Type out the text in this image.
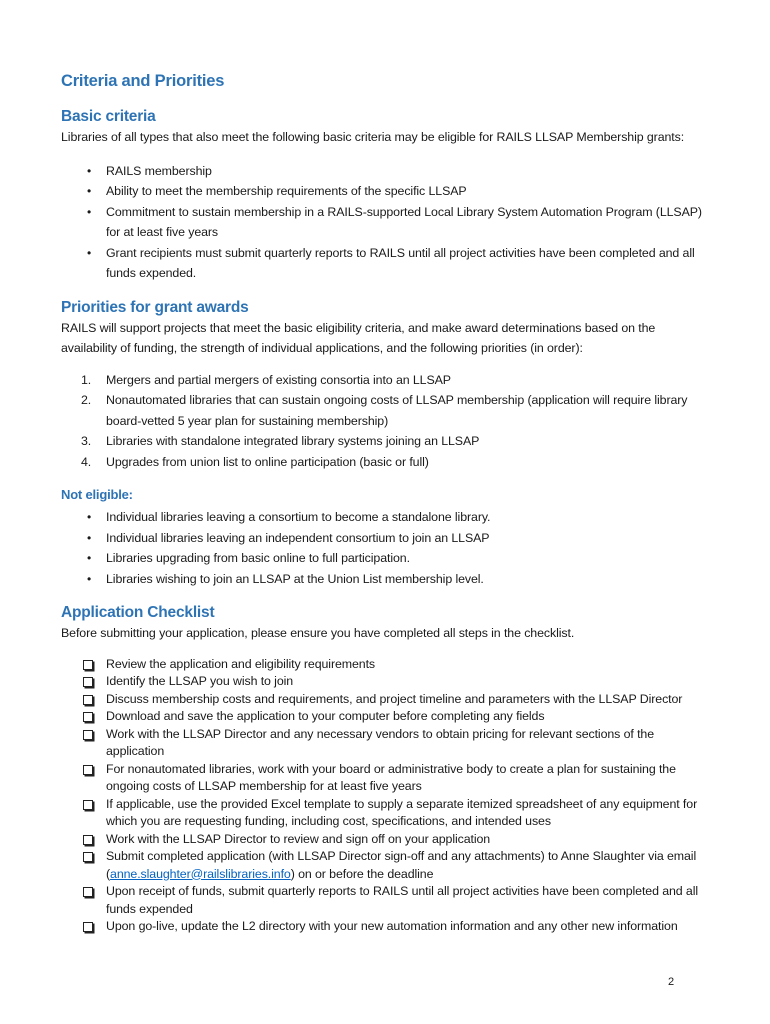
Criteria and Priorities
Basic criteria

Libraries of all types that also meet the following basic criteria may be eligible for RAILS LLSAP Membership grants:

• RAILS membership
• Ability to meet the membership requirements of the specific LLSAP
• Commitment to sustain membership in a RAILS-supported Local Library System Automation Program (LLSAP) for at least five years
• Grant recipients must submit quarterly reports to RAILS until all project activities have been completed and all funds expended.
Priorities for grant awards

RAILS will support projects that meet the basic eligibility criteria, and make award determinations based on the availability of funding, the strength of individual applications, and the following priorities (in order):

1. Mergers and partial mergers of existing consortia into an LLSAP
2. Nonautomated libraries that can sustain ongoing costs of LLSAP membership (application will require library board-vetted 5 year plan for sustaining membership)
3. Libraries with standalone integrated library systems joining an LLSAP
4. Upgrades from union list to online participation (basic or full)
Not eligible:
• Individual libraries leaving a consortium to become a standalone library.
• Individual libraries leaving an independent consortium to join an LLSAP
• Libraries upgrading from basic online to full participation.
• Libraries wishing to join an LLSAP at the Union List membership level.
Application Checklist

Before submitting your application, please ensure you have completed all steps in the checklist.

Review the application and eligibility requirements
Identify the LLSAP you wish to join
Discuss membership costs and requirements, and project timeline and parameters with the LLSAP Director
Download and save the application to your computer before completing any fields
Work with the LLSAP Director and any necessary vendors to obtain pricing for relevant sections of the application
For nonautomated libraries, work with your board or administrative body to create a plan for sustaining the ongoing costs of LLSAP membership for at least five years
If applicable, use the provided Excel template to supply a separate itemized spreadsheet of any equipment for which you are requesting funding, including cost, specifications, and intended uses
Work with the LLSAP Director to review and sign off on your application
Submit completed application (with LLSAP Director sign-off and any attachments) to Anne Slaughter via email (anne.slaughter@railslibraries.info) on or before the deadline
Upon receipt of funds, submit quarterly reports to RAILS until all project activities have been completed and all funds expended
Upon go-live, update the L2 directory with your new automation information and any other new information
2
